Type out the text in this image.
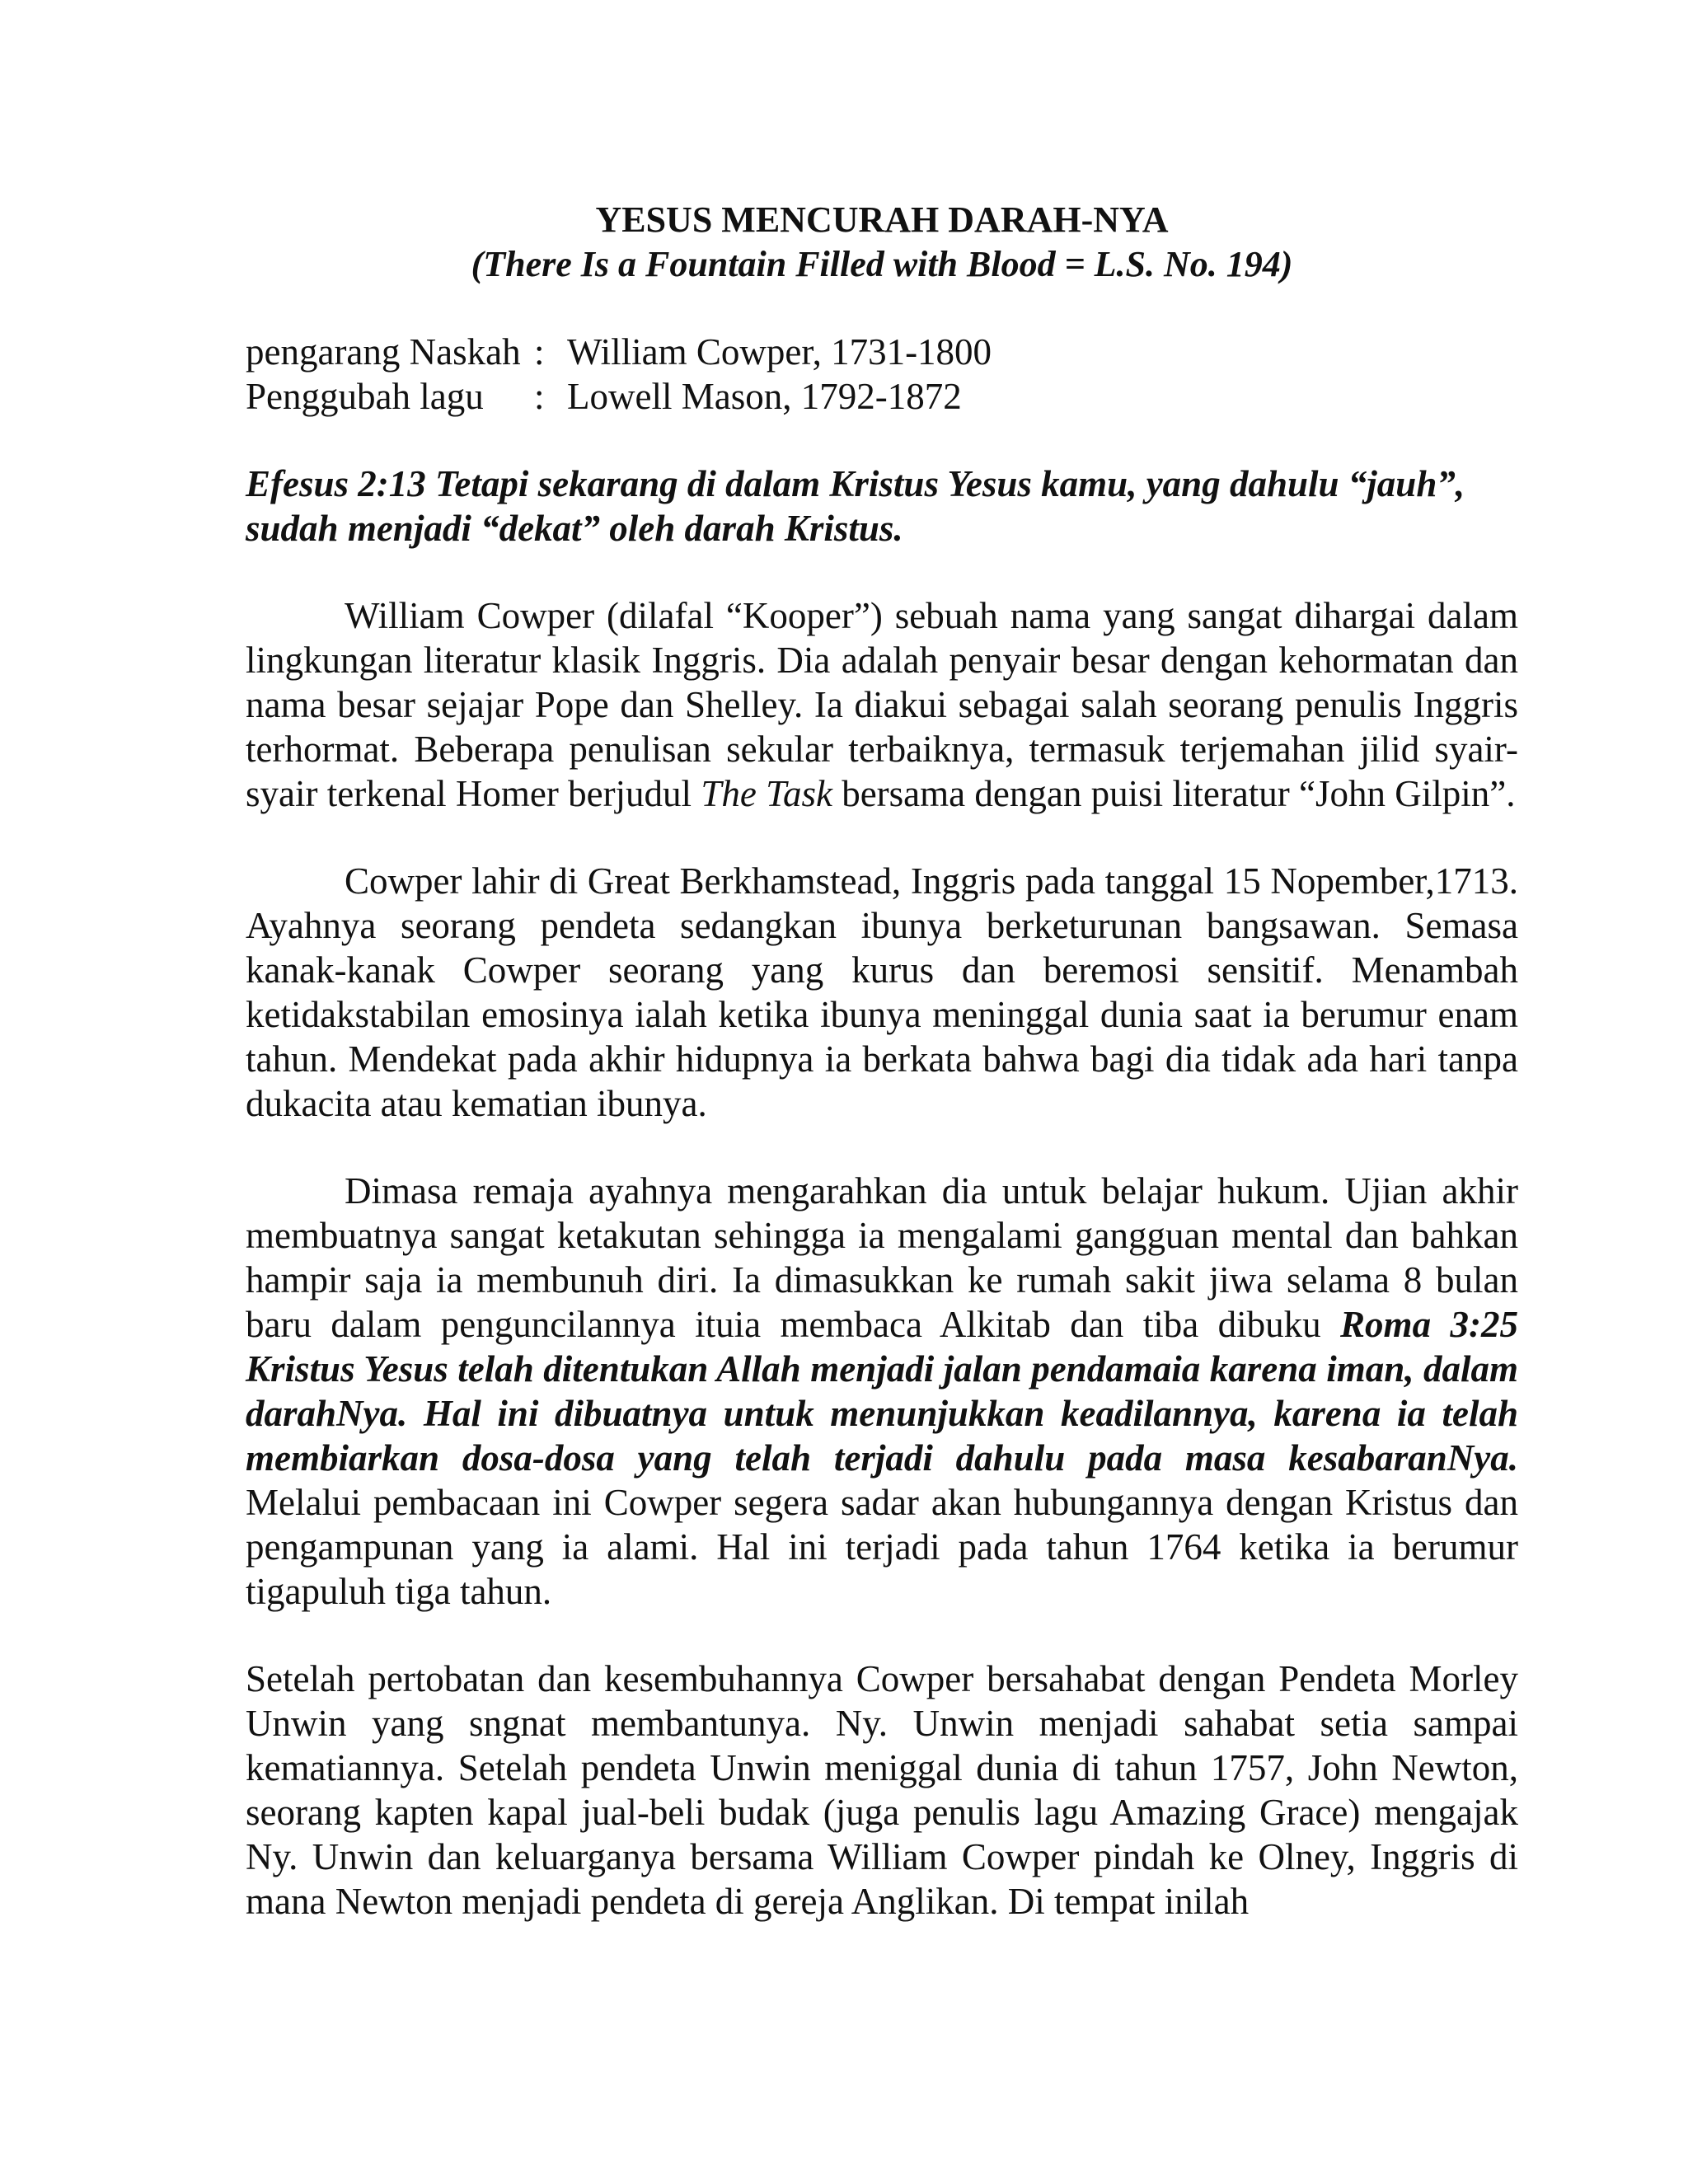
YESUS MENCURAH DARAH-NYA

(There Is a Fountain Filled with Blood = L.S. No. 194)

pengarang Naskah : William Cowper, 1731-1800
Penggubah lagu	: Lowell Mason, 1792-1872
Efesus 2:13 Tetapi sekarang di dalam Kristus Yesus kamu, yang dahulu “jauh”,
sudah menjadi “dekat” oleh darah Kristus.

William Cowper (dilafal “Kooper”) sebuah nama yang sangat dihargai dalam lingkungan literatur klasik Inggris. Dia adalah penyair besar dengan kehormatan dan nama besar sejajar Pope dan Shelley. Ia diakui sebagai salah seorang penulis Inggris terhormat. Beberapa penulisan sekular terbaiknya, termasuk terjemahan jilid syair-syair terkenal Homer berjudul The Task bersama dengan puisi literatur “John Gilpin”.

Cowper lahir di Great Berkhamstead, Inggris pada tanggal 15 Nopember,1713. Ayahnya seorang pendeta sedangkan ibunya berketurunan bangsawan. Semasa kanak-kanak Cowper seorang yang kurus dan beremosi sensitif. Menambah ketidakstabilan emosinya ialah ketika ibunya meninggal dunia saat ia berumur enam tahun. Mendekat pada akhir hidupnya ia berkata bahwa bagi dia tidak ada hari tanpa dukacita atau kematian ibunya.

Dimasa remaja ayahnya mengarahkan dia untuk belajar hukum. Ujian akhir membuatnya sangat ketakutan sehingga ia mengalami gangguan mental dan bahkan hampir saja ia membunuh diri. Ia dimasukkan ke rumah sakit jiwa selama 8 bulan baru dalam penguncilannya ituia membaca Alkitab dan tiba dibuku Roma 3:25 Kristus Yesus telah ditentukan Allah menjadi jalan pendamaia karena iman, dalam darahNya. Hal ini dibuatnya untuk menunjukkan keadilannya, karena ia telah membiarkan dosa-dosa yang telah terjadi dahulu pada masa kesabaranNya. Melalui pembacaan ini Cowper segera sadar akan hubungannya dengan Kristus dan pengampunan yang ia alami. Hal ini terjadi pada tahun 1764 ketika ia berumur tigapuluh tiga tahun.

Setelah pertobatan dan kesembuhannya Cowper bersahabat dengan Pendeta Morley Unwin yang sngnat membantunya. Ny. Unwin menjadi sahabat setia sampai kematiannya. Setelah pendeta Unwin meniggal dunia di tahun 1757, John Newton, seorang kapten kapal jual-beli budak (juga penulis lagu Amazing Grace) mengajak Ny. Unwin dan keluarganya bersama William Cowper pindah ke Olney, Inggris di mana Newton menjadi pendeta di gereja Anglikan. Di tempat inilah
